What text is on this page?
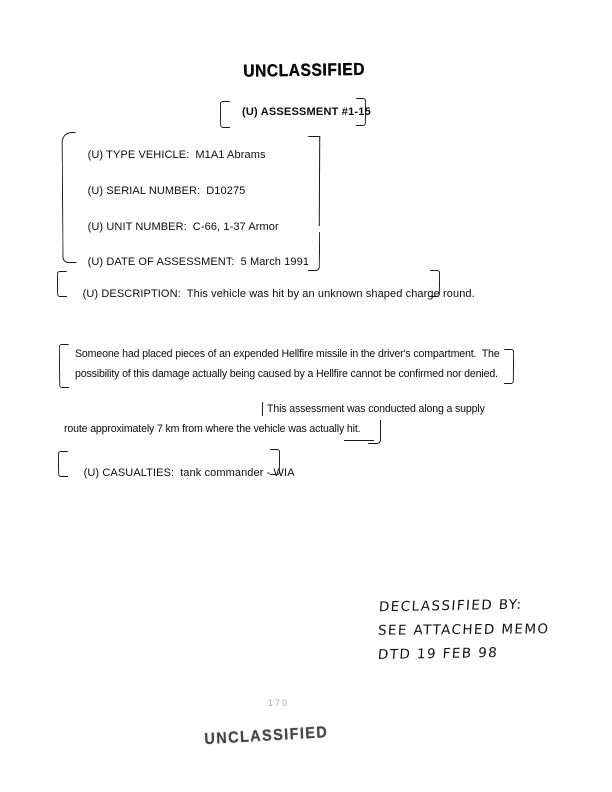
UNCLASSIFIED
(U) ASSESSMENT #1-15

(U) TYPE VEHICLE: M1A1 Abrams

(U) SERIAL NUMBER: D10275

(U) UNIT NUMBER: C-66, 1-37 Armor

(U) DATE OF ASSESSMENT: 5 March 1991

(U) DESCRIPTION: This vehicle was hit by an unknown shaped charge round.

Someone had placed pieces of an expended Hellfire missile in the driver's compartment.  The
possibility of this damage actually being caused by a Hellfire cannot be confirmed nor denied.
This assessment was conducted along a supply
route approximately 7 km from where the vehicle was actually hit.

(U) CASUALTIES: tank commander - WIA

DECLASSIFIED BY:
SEE ATTACHED MEMO
DTD 19 FEB 98
170
UNCLASSIFIED
